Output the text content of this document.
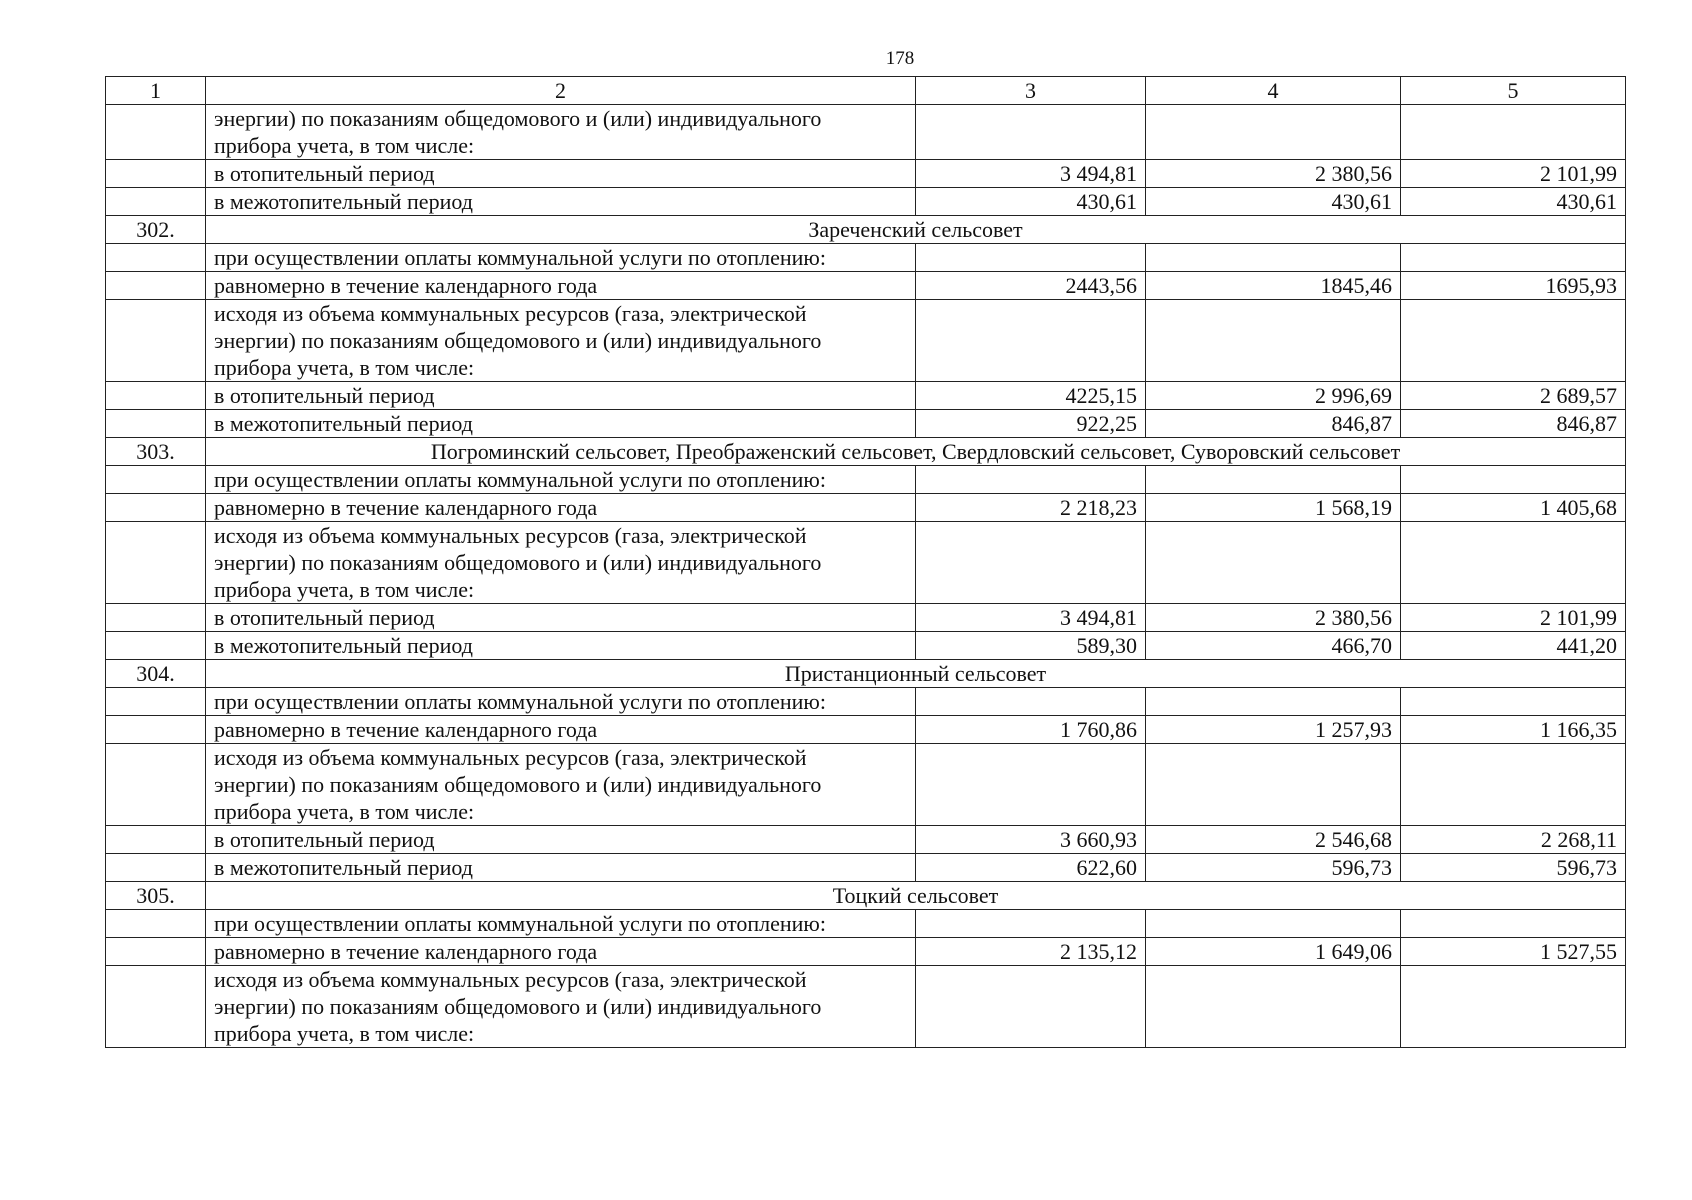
178
1	2	3	4	5

	энергии) по показаниям общедомового и (или) индивидуального
прибора учета, в том числе:			

	в отопительный период	3 494,81	2 380,56	2 101,99
	в межотопительный период	430,61	430,61	430,61
302.	Зареченский сельсовет			

	при осуществлении оплаты коммунальной услуги по отоплению:			

	равномерно в течение календарного года	2443,56	1845,46	1695,93

	исходя из объема коммунальных ресурсов (газа, электрической
энергии) по показаниям общедомового и (или) индивидуального
прибора учета, в том числе:			

	в отопительный период	4225,15	2 996,69	2 689,57
	в межотопительный период	922,25	846,87	846,87
303.	Погроминский сельсовет, Преображенский сельсовет, Свердловский сельсовет, Суворовский сельсовет			

	при осуществлении оплаты коммунальной услуги по отоплению:			

	равномерно в течение календарного года	2 218,23	1 568,19	1 405,68

	исходя из объема коммунальных ресурсов (газа, электрической
энергии) по показаниям общедомового и (или) индивидуального
прибора учета, в том числе:			

	в отопительный период	3 494,81	2 380,56	2 101,99
	в межотопительный период	589,30	466,70	441,20
304.	Пристанционный сельсовет			

	при осуществлении оплаты коммунальной услуги по отоплению:			

	равномерно в течение календарного года	1 760,86	1 257,93	1 166,35

	исходя из объема коммунальных ресурсов (газа, электрической
энергии) по показаниям общедомового и (или) индивидуального
прибора учета, в том числе:			

	в отопительный период	3 660,93	2 546,68	2 268,11
	в межотопительный период	622,60	596,73	596,73
305.	Тоцкий сельсовет			

	при осуществлении оплаты коммунальной услуги по отоплению:			

	равномерно в течение календарного года	2 135,12	1 649,06	1 527,55

	исходя из объема коммунальных ресурсов (газа, электрической
энергии) по показаниям общедомового и (или) индивидуального
прибора учета, в том числе:			
